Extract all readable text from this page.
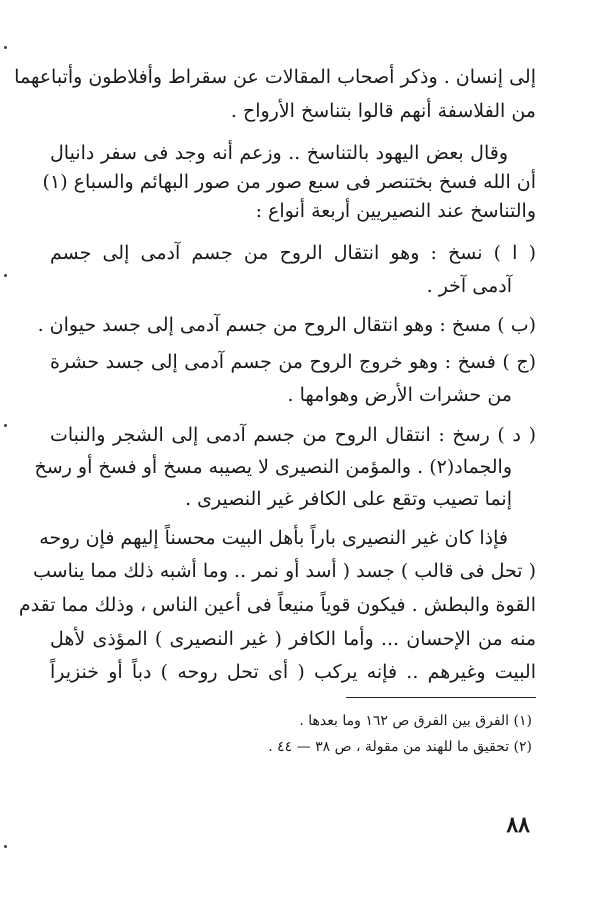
إلى إنسان . وذكر أصحاب المقالات عن سقراط وأفلاطون وأتباعهما

من الفلاسفة أنهم قالوا بتناسخ الأرواح .

وقال بعض اليهود بالتناسخ .. وزعم أنه وجد فى سفر دانيال

أن الله فسخ بختنصر فى سبع صور من صور البهائم والسباع (١)

والتناسخ عند النصيريين أربعة أنواع :

( ا ) نسخ : وهو انتقال الروح من جسم آدمى إلى جسم

آدمى آخر .

(ب ) مسخ : وهو انتقال الروح من جسم آدمى إلى جسد حيوان .

(ج ) فسخ : وهو خروج الروح من جسم آدمى إلى جسد حشرة

من حشرات الأرض وهوامها .

( د ) رسخ : انتقال الروح من جسم آدمى إلى الشجر والنبات

والجماد(٢) . والمؤمن النصيرى لا يصيبه مسخ أو فسخ أو رسخ

إنما تصيب وتقع على الكافر غير النصيرى .

فإذا كان غير النصيرى باراً بأهل البيت محسناً إليهم فإن روحه

( تحل فى قالب ) جسد ( أسد أو نمر .. وما أشبه ذلك مما يناسب

القوة والبطش . فيكون قوياً منيعاً فى أعين الناس ، وذلك مما تقدم

منه من الإحسان ... وأما الكافر ( غير النصيرى ) المؤذى لأهل

البيت وغيرهم .. فإنه يركب ( أى تحل روحه ) دباً أو خنزيراً

(١) الفرق بين الفرق ص ١٦٢ وما بعدها .

(٢) تحقيق ما للهند من مقولة ، ص ٣٨ — ٤٤ .

٨٨
